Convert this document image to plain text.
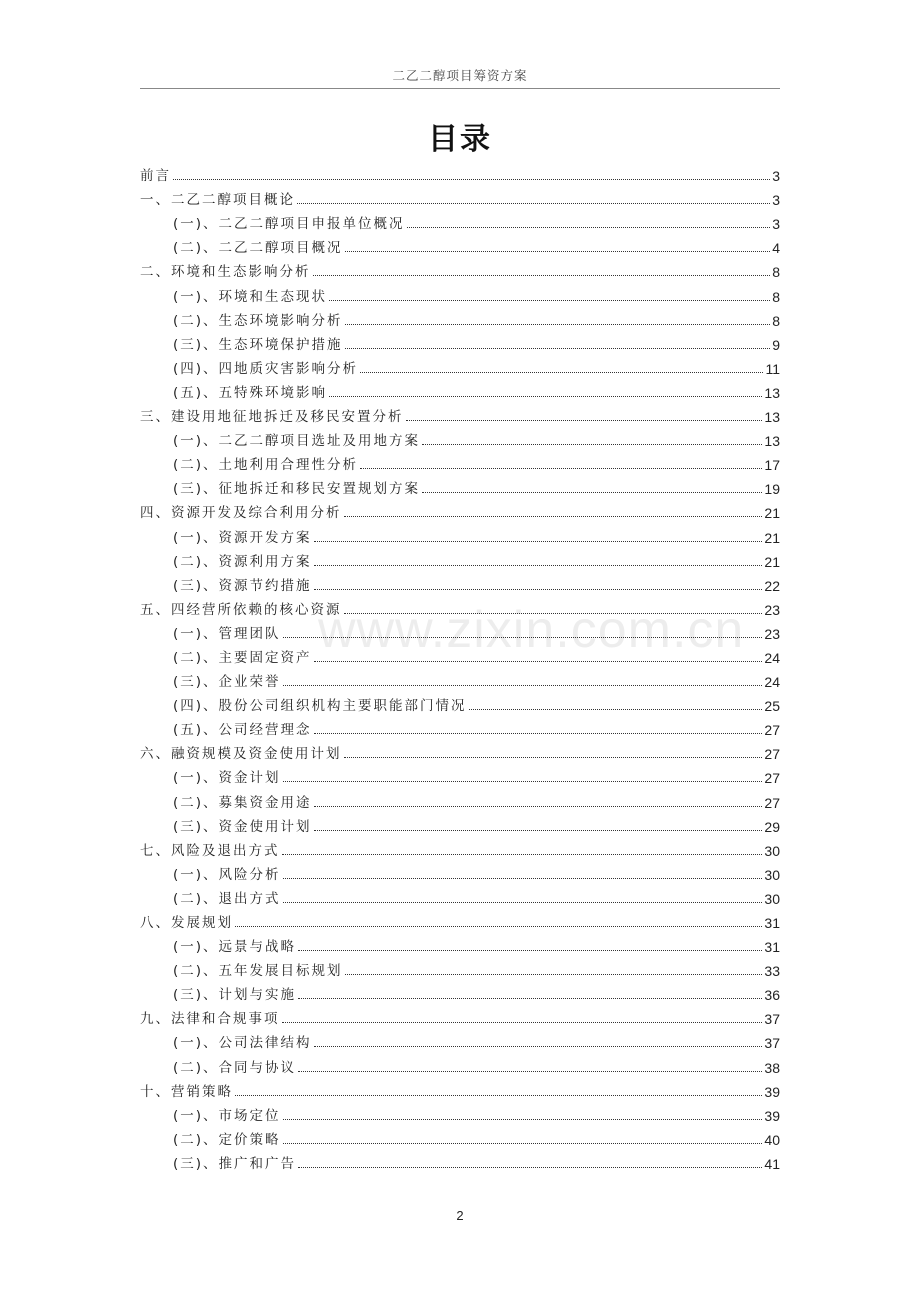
二乙二醇项目筹资方案
目录
www.zixin.com.cn
前言	3
一、二乙二醇项目概论	3
(一)、二乙二醇项目申报单位概况	3
(二)、二乙二醇项目概况	4
二、环境和生态影响分析	8
(一)、环境和生态现状	8
(二)、生态环境影响分析	8
(三)、生态环境保护措施	9
(四)、四地质灾害影响分析	11
(五)、五特殊环境影响	13
三、建设用地征地拆迁及移民安置分析	13
(一)、二乙二醇项目选址及用地方案	13
(二)、土地利用合理性分析	17
(三)、征地拆迁和移民安置规划方案	19
四、资源开发及综合利用分析	21
(一)、资源开发方案	21
(二)、资源利用方案	21
(三)、资源节约措施	22
五、四经营所依赖的核心资源	23
(一)、管理团队	23
(二)、主要固定资产	24
(三)、企业荣誉	24
(四)、股份公司组织机构主要职能部门情况	25
(五)、公司经营理念	27
六、融资规模及资金使用计划	27
(一)、资金计划	27
(二)、募集资金用途	27
(三)、资金使用计划	29
七、风险及退出方式	30
(一)、风险分析	30
(二)、退出方式	30
八、发展规划	31
(一)、远景与战略	31
(二)、五年发展目标规划	33
(三)、计划与实施	36
九、法律和合规事项	37
(一)、公司法律结构	37
(二)、合同与协议	38
十、营销策略	39
(一)、市场定位	39
(二)、定价策略	40
(三)、推广和广告	41
2
